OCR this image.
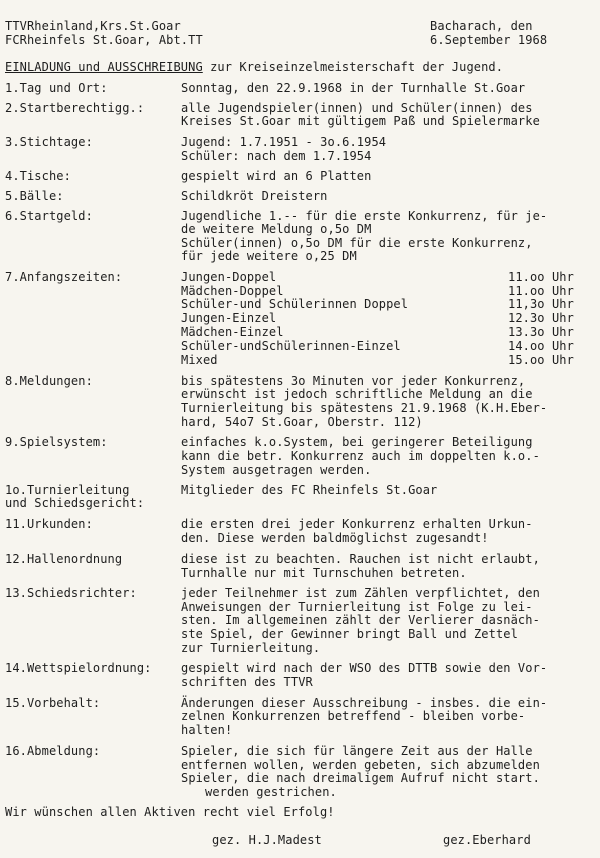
TTVRheinland,Krs.St.Goar
FCRheinfels St.Goar, Abt.TT
Bacharach, den
6.September 1968
EINLADUNG und AUSSCHREIBUNG zur Kreiseinzelmeisterschaft der Jugend.
1.Tag und Ort:	Sonntag, den 22.9.1968 in der Turnhalle St.Goar
2.Startberechtigg.:	alle Jugendspieler(innen) und Schüler(innen) des
Kreises St.Goar mit gültigem Paß und Spielermarke
3.Stichtage:	Jugend: 1.7.1951 - 3o.6.1954
Schüler: nach dem 1.7.1954
4.Tische:	gespielt wird an 6 Platten
5.Bälle:	Schildkröt Dreistern
6.Startgeld:	Jugendliche 1.-- für die erste Konkurrenz, für je-
de weitere Meldung o,5o DM
Schüler(innen) o,5o DM für die erste Konkurrenz,
für jede weitere o,25 DM
7.Anfangszeiten:	Jungen-Doppel	11.oo Uhr
Mädchen-Doppel	11.oo Uhr
Schüler-und Schülerinnen Doppel	11,3o Uhr
Jungen-Einzel	12.3o Uhr
Mädchen-Einzel	13.3o Uhr
Schüler-undSchülerinnen-Einzel	14.oo Uhr
Mixed	15.oo Uhr
8.Meldungen:	bis spätestens 3o Minuten vor jeder Konkurrenz,
erwünscht ist jedoch schriftliche Meldung an die
Turnierleitung bis spätestens 21.9.1968 (K.H.Eber-
hard, 54o7 St.Goar, Oberstr. 112)
9.Spielsystem:	einfaches k.o.System, bei geringerer Beteiligung
kann die betr. Konkurrenz auch im doppelten k.o.-
System ausgetragen werden.
1o.Turnierleitung
und Schiedsgericht:
Mitglieder des FC Rheinfels St.Goar
11.Urkunden:	die ersten drei jeder Konkurrenz erhalten Urkun-
den. Diese werden baldmöglichst zugesandt!
12.Hallenordnung	diese ist zu beachten. Rauchen ist nicht erlaubt,
Turnhalle nur mit Turnschuhen betreten.
13.Schiedsrichter:	jeder Teilnehmer ist zum Zählen verpflichtet, den
Anweisungen der Turnierleitung ist Folge zu lei-
sten. Im allgemeinen zählt der Verlierer dasnäch-
ste Spiel, der Gewinner bringt Ball und Zettel
zur Turnierleitung.
14.Wettspielordnung: gespielt wird nach der WSO des DTTB sowie den Vor-
schriften des TTVR
15.Vorbehalt:	Änderungen dieser Ausschreibung - insbes. die ein-
zelnen Konkurrenzen betreffend - bleiben vorbe-
halten!
16.Abmeldung:	Spieler, die sich für längere Zeit aus der Halle
entfernen wollen, werden gebeten, sich abzumelden
Spieler, die nach dreimaligem Aufruf nicht start.
werden gestrichen.
Wir wünschen allen Aktiven recht viel Erfolg!
gez. H.J.Madest	gez.Eberhard
